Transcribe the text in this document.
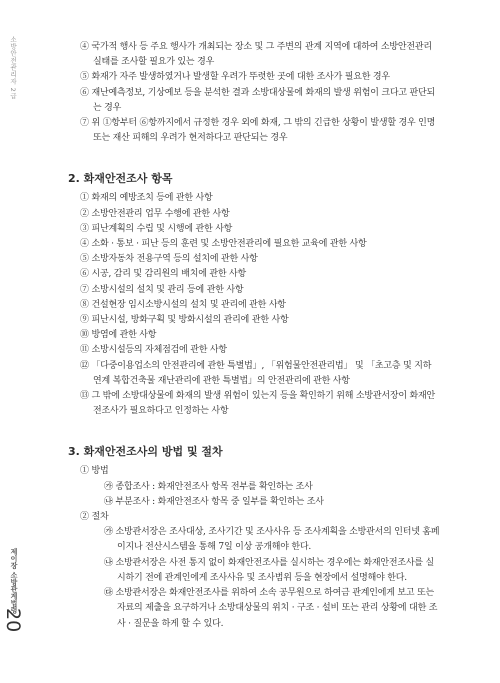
소방안전관리자 2급
제이장 소방관계법령
20

④ 국가적 행사 등 주요 행사가 개최되는 장소 및 그 주변의 관계 지역에 대하여 소방안전관리 실태를 조사할 필요가 있는 경우

⑤ 화재가 자주 발생하였거나 발생할 우려가 뚜렷한 곳에 대한 조사가 필요한 경우

⑥ 재난예측정보, 기상예보 등을 분석한 결과 소방대상물에 화재의 발생 위험이 크다고 판단되는 경우

⑦ 위 ①항부터 ⑥항까지에서 규정한 경우 외에 화재, 그 밖의 긴급한 상황이 발생할 경우 인명 또는 재산 피해의 우려가 현저하다고 판단되는 경우

2. 화재안전조사 항목

① 화재의 예방조치 등에 관한 사항

② 소방안전관리 업무 수행에 관한 사항

③ 피난계획의 수립 및 시행에 관한 사항

④ 소화 · 통보 · 피난 등의 훈련 및 소방안전관리에 필요한 교육에 관한 사항

⑤ 소방자동차 전용구역 등의 설치에 관한 사항

⑥ 시공, 감리 및 감리원의 배치에 관한 사항

⑦ 소방시설의 설치 및 관리 등에 관한 사항

⑧ 건설현장 임시소방시설의 설치 및 관리에 관한 사항

⑨ 피난시설, 방화구획 및 방화시설의 관리에 관한 사항

⑩ 방염에 관한 사항

⑪ 소방시설등의 자체점검에 관한 사항

⑫ 「다중이용업소의 안전관리에 관한 특별법」, 「위험물안전관리법」 및 「초고층 및 지하 연계 복합건축물 재난관리에 관한 특별법」의 안전관리에 관한 사항

⑬ 그 밖에 소방대상물에 화재의 발생 위험이 있는지 등을 확인하기 위해 소방관서장이 화재안전조사가 필요하다고 인정하는 사항

3. 화재안전조사의 방법 및 절차

① 방법

㉮ 종합조사 : 화재안전조사 항목 전부를 확인하는 조사

㉯ 부분조사 : 화재안전조사 항목 중 일부를 확인하는 조사

② 절차

㉮ 소방관서장은 조사대상, 조사기간 및 조사사유 등 조사계획을 소방관서의 인터넷 홈페이지나 전산시스템을 통해 7일 이상 공개해야 한다.

㉯ 소방관서장은 사전 통지 없이 화재안전조사를 실시하는 경우에는 화재안전조사를 실시하기 전에 관계인에게 조사사유 및 조사범위 등을 현장에서 설명해야 한다.

㉰ 소방관서장은 화재안전조사를 위하여 소속 공무원으로 하여금 관계인에게 보고 또는 자료의 제출을 요구하거나 소방대상물의 위치 · 구조 · 설비 또는 관리 상황에 대한 조사 · 질문을 하게 할 수 있다.
